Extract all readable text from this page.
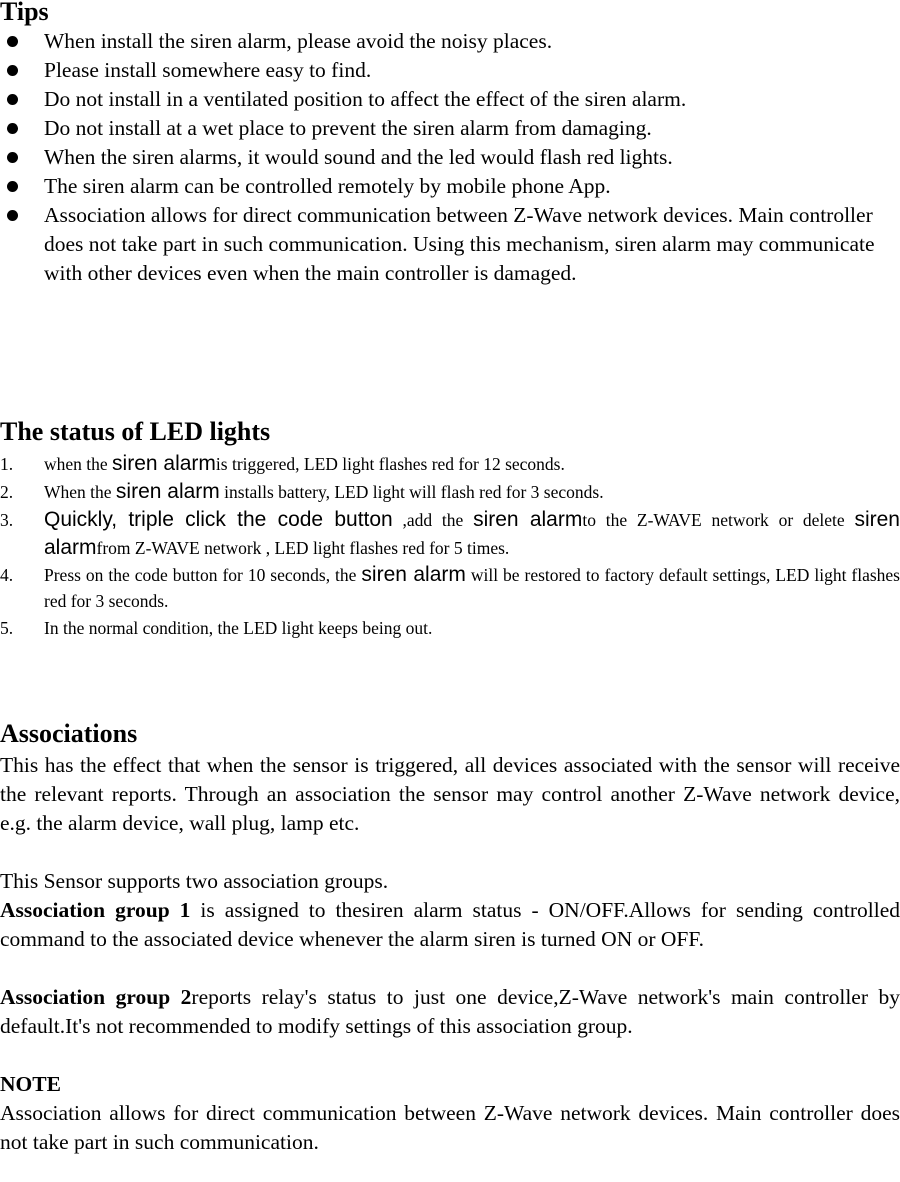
Tips
When install the siren alarm, please avoid the noisy places.
Please install somewhere easy to find.
Do not install in a ventilated position to affect the effect of the siren alarm.
Do not install at a wet place to prevent the siren alarm from damaging.
When the siren alarms, it would sound and the led would flash red lights.
The siren alarm can be controlled remotely by mobile phone App.
Association allows for direct communication between Z-Wave network devices. Main controller does not take part in such communication. Using this mechanism, siren alarm may communicate with other devices even when the main controller is damaged.
The status of LED lights
1. when the siren alarmis triggered, LED light flashes red for 12 seconds.
2. When the siren alarm installs battery, LED light will flash red for 3 seconds.
3. Quickly, triple click the code button ,add the siren alarmto the Z-WAVE network or delete siren alarmfrom Z-WAVE network , LED light flashes red for 5 times.
4. Press on the code button for 10 seconds, the siren alarm will be restored to factory default settings, LED light flashes red for 3 seconds.
5. In the normal condition, the LED light keeps being out.
Associations

This has the effect that when the sensor is triggered, all devices associated with the sensor will receive the relevant reports. Through an association the sensor may control another Z-Wave network device, e.g. the alarm device, wall plug, lamp etc.

This Sensor supports two association groups.

Association group 1 is assigned to thesiren alarm status - ON/OFF.Allows for sending controlled command to the associated device whenever the alarm siren is turned ON or OFF.

Association group 2reports relay's status to just one device,Z-Wave network's main controller by default.It's not recommended to modify settings of this association group.

NOTE

Association allows for direct communication between Z-Wave network devices. Main controller does not take part in such communication.
